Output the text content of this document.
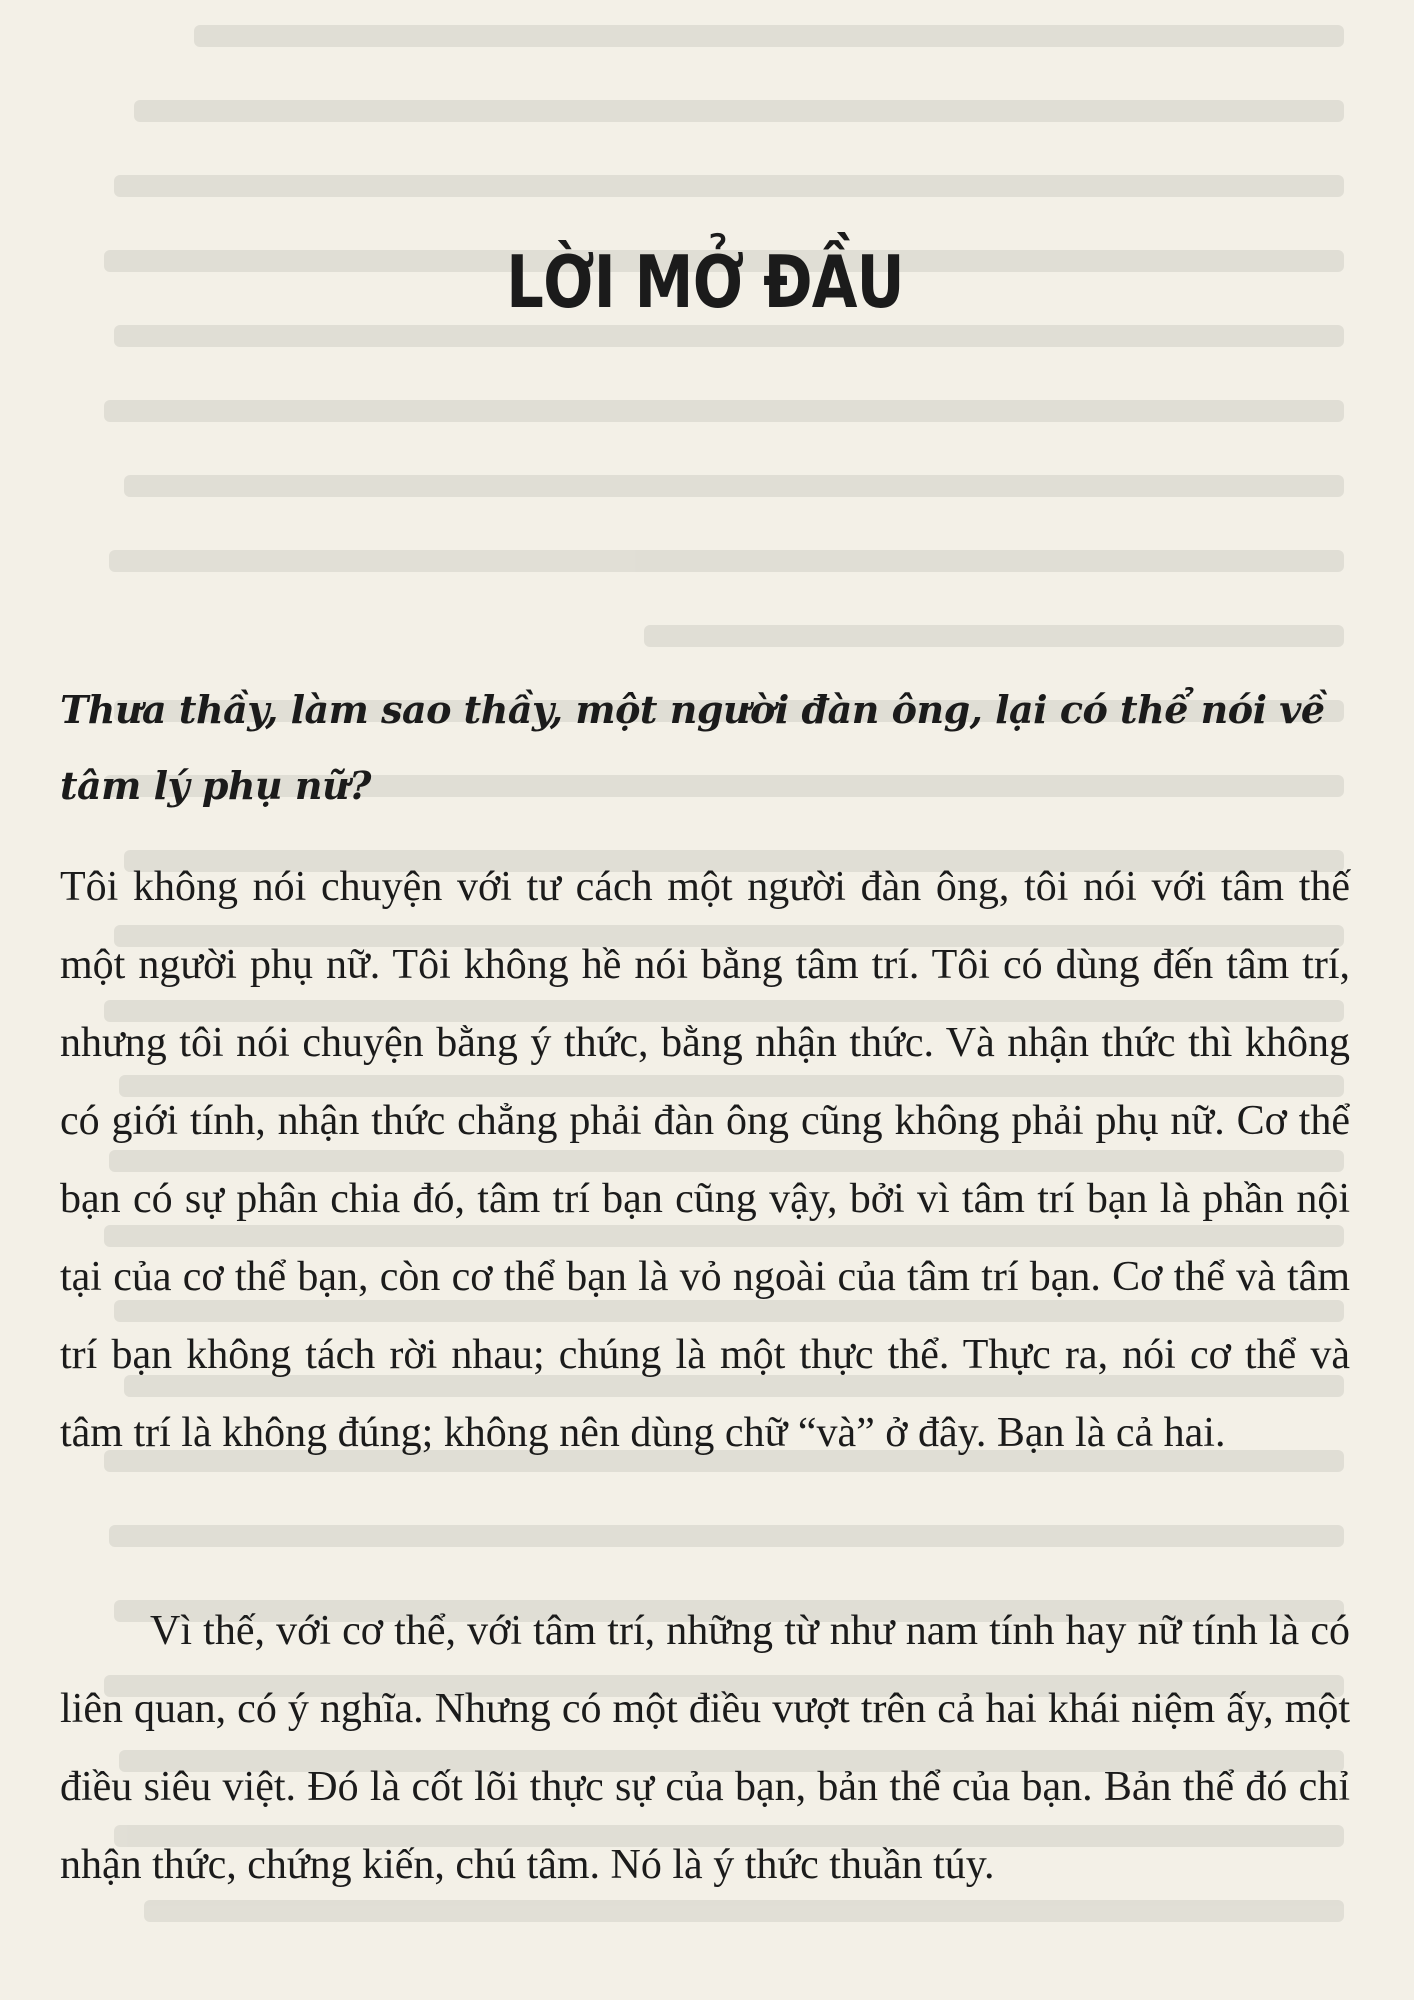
LỜI MỞ ĐẦU

Thưa thầy, làm sao thầy, một người đàn ông, lại có thể nói về tâm lý phụ nữ?

Tôi không nói chuyện với tư cách một người đàn ông, tôi nói với tâm thế một người phụ nữ. Tôi không hề nói bằng tâm trí. Tôi có dùng đến tâm trí, nhưng tôi nói chuyện bằng ý thức, bằng nhận thức. Và nhận thức thì không có giới tính, nhận thức chẳng phải đàn ông cũng không phải phụ nữ. Cơ thể bạn có sự phân chia đó, tâm trí bạn cũng vậy, bởi vì tâm trí bạn là phần nội tại của cơ thể bạn, còn cơ thể bạn là vỏ ngoài của tâm trí bạn. Cơ thể và tâm trí bạn không tách rời nhau; chúng là một thực thể. Thực ra, nói cơ thể và tâm trí là không đúng; không nên dùng chữ “và” ở đây. Bạn là cả hai.

Vì thế, với cơ thể, với tâm trí, những từ như nam tính hay nữ tính là có liên quan, có ý nghĩa. Nhưng có một điều vượt trên cả hai khái niệm ấy, một điều siêu việt. Đó là cốt lõi thực sự của bạn, bản thể của bạn. Bản thể đó chỉ nhận thức, chứng kiến, chú tâm. Nó là ý thức thuần túy.
